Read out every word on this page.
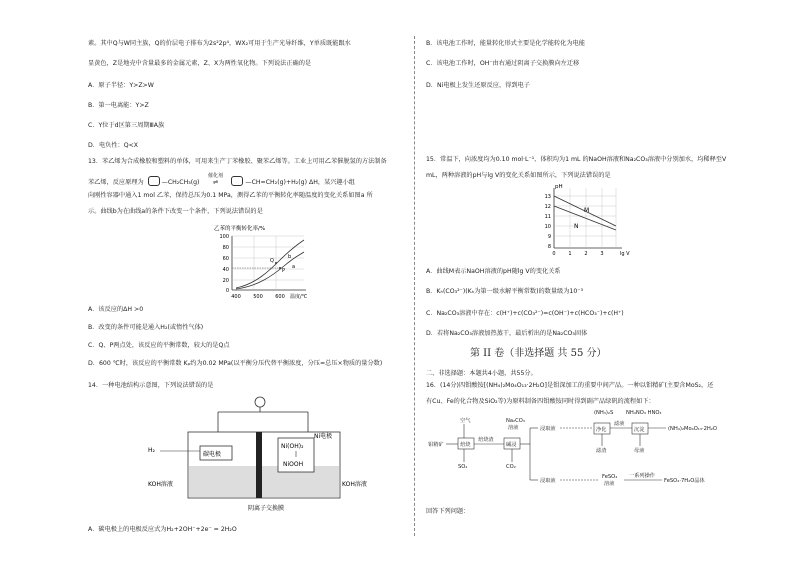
素。其中Q与W同主族，Q的价层电子排布为2s²2p⁴，WX₂可用于生产光导纤维，Y单质既能跟水
显黄色，Z是地壳中含量最多的金属元素，Z、X为两性氧化物。下列说法正确的是
A．原子半径：Y>Z>W
B．第一电离能：Y>Z
C．Y位于d区第三周期ⅢA族
D．电负性：Q<X
13．苯乙烯为合成橡胶和塑料的单体，可用来生产丁苯橡胶、聚苯乙烯等。工业上可用乙苯催脱氢的方法制备
苯乙烯，反应原理为	—CH₂CH₃(g)
催化剂
⇌	—CH=CH₂(g)+H₂(g) ΔH，某兴趣小组
向刚性容器中通入1 mol 乙苯，保持总压为0.1 MPa，测得乙苯的平衡转化率随温度的变化关系如图a 所
示。曲线b为在曲线a的条件下改变一个条件，下列说法错误的是
乙苯的平衡转化率/%
100
80
60
40
20
0
400 500 600 温度/℃
Q
P
b
a
A．该反应的ΔH >0
B．改变的条件可能是通入H₂(或惰性气体)
C．Q、P两点处，该反应的平衡常数，较大的是Q点
D．600 ℃时，该反应的平衡常数 Kₚ约为0.02 MPa(以平衡分压代替平衡浓度，分压=总压×物质的量分数)
14．一种电池结构示意图，下列说法错误的是
碳电极
Ni(OH)₂
NiOOH
Ni电极
H₂
KOH溶液	KOH溶液
阴离子交换膜
A．碳电极上的电极反应式为H₂+2OH⁻+2e⁻ = 2H₂O
B．该电池工作时，能量转化形式主要是化学能转化为电能
C．该电池工作时，OH⁻由右通过阴离子交换膜向左迁移
D．Ni电极上发生还原反应，得到电子
15．常温下，向浓度均为0.10 mol·L⁻¹、体积均为1 mL 的NaOH溶液和Na₂CO₃溶液中分别加水，均稀释至V
mL，两种溶液的pH与lg V的变化关系如图所示，下列说法错误的是
pH
13
12
11
10
9
8
0	1	2	3	lg V
M
N
A．曲线M表示NaOH溶液的pH随lg V的变化关系
B．Kₕ(CO₃²⁻)(Kₕ为第一级水解平衡常数)的数量级为10⁻³
C．Na₂CO₃溶液中存在：c(H⁺)+c(CO₃²⁻)=c(OH⁻)+c(HCO₃⁻)+c(H⁺)
D．若将Na₂CO₃溶液加热蒸干，最后析出的是Na₂CO₃固体
第 II 卷（非选择题 共 55 分）
二、非选择题：本题共4小题，共55分。
16．(14分)四钼酸铵[(NH₄)₂Mo₄O₁₃·2H₂O]是钼深加工的重要中间产品。一种以钼精矿(主要含MoS₂，还
有Cu、Fe的化合物及SiO₂等)为原料制备四钼酸铵同时得到副产品绿矾的流程如下：
钼精矿
空气
焙烧
SO₂
焙烧渣
Na₂CO₃
溶液
碱浸
CO₂
浸取液
浸取液
(NH₃)₂S
净化
滤渣
滤液
NH₄NO₃ HNO₃
沉淀
母液
(NH₄)₂Mo₄O₁₃·2H₂O
FeSO₄
溶液
一系列操作
FeSO₄·7H₂O晶体
回答下列问题：
